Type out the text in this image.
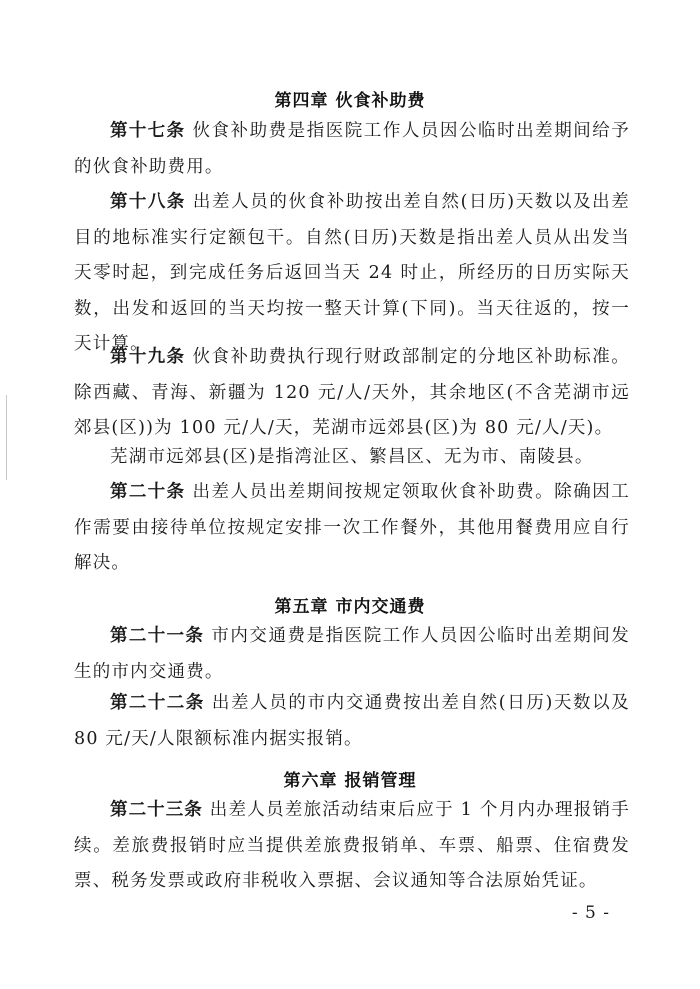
第四章 伙食补助费

第十七条 伙食补助费是指医院工作人员因公临时出差期间给予的伙食补助费用。

第十八条 出差人员的伙食补助按出差自然(日历)天数以及出差目的地标准实行定额包干。自然(日历)天数是指出差人员从出发当天零时起，到完成任务后返回当天 24 时止，所经历的日历实际天数，出发和返回的当天均按一整天计算(下同)。当天往返的，按一天计算。

第十九条 伙食补助费执行现行财政部制定的分地区补助标准。除西藏、青海、新疆为 120 元/人/天外，其余地区(不含芜湖市远郊县(区))为 100 元/人/天，芜湖市远郊县(区)为 80 元/人/天)。

芜湖市远郊县(区)是指湾沚区、繁昌区、无为市、南陵县。

第二十条 出差人员出差期间按规定领取伙食补助费。除确因工作需要由接待单位按规定安排一次工作餐外，其他用餐费用应自行解决。

第五章 市内交通费

第二十一条 市内交通费是指医院工作人员因公临时出差期间发生的市内交通费。

第二十二条 出差人员的市内交通费按出差自然(日历)天数以及 80 元/天/人限额标准内据实报销。

第六章 报销管理

第二十三条 出差人员差旅活动结束后应于 1 个月内办理报销手续。差旅费报销时应当提供差旅费报销单、车票、船票、住宿费发票、税务发票或政府非税收入票据、会议通知等合法原始凭证。

- 5 -
